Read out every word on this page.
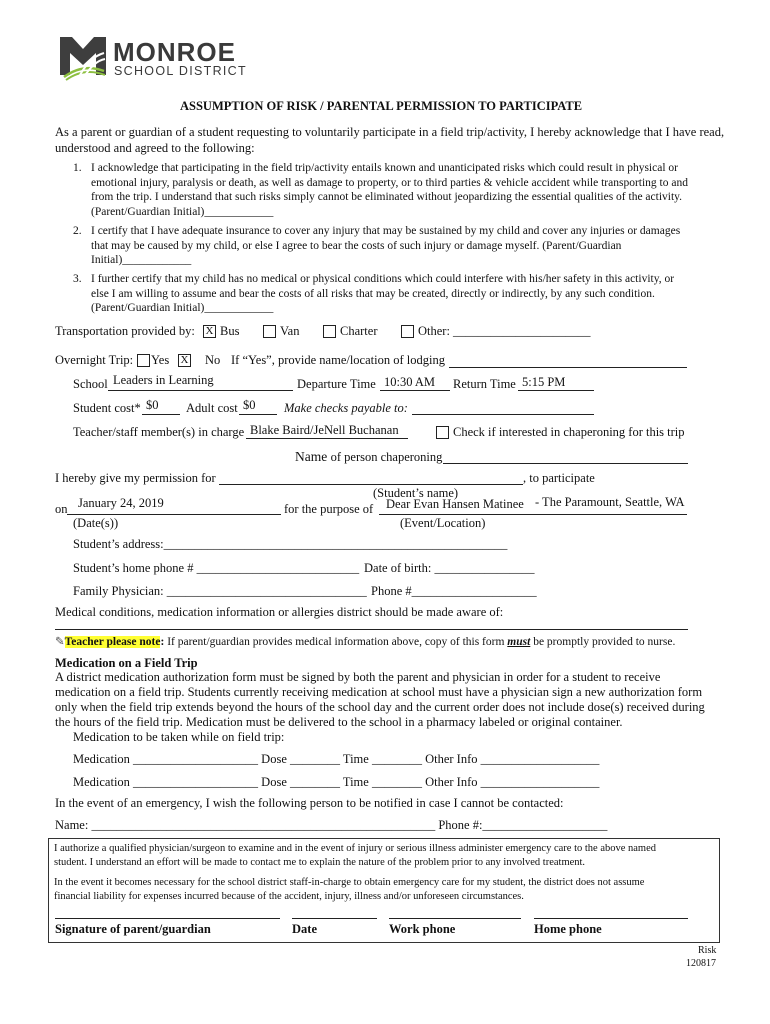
MONROE
SCHOOL DISTRICT
ASSUMPTION OF RISK / PARENTAL PERMISSION TO PARTICIPATE
As a parent or guardian of a student requesting to voluntarily participate in a field trip/activity, I hereby acknowledge that I have read,
understood and agreed to the following:
1. I acknowledge that participating in the field trip/activity entails known and unanticipated risks which could result in physical or
emotional injury, paralysis or death, as well as damage to property, or to third parties & vehicle accident while transporting to and
from the trip. I understand that such risks simply cannot be eliminated without jeopardizing the essential qualities of the activity.
(Parent/Guardian Initial)____________
2. I certify that I have adequate insurance to cover any injury that may be sustained by my child and cover any injuries or damages
that may be caused by my child, or else I agree to bear the costs of such injury or damage myself. (Parent/Guardian
Initial)____________
3. I further certify that my child has no medical or physical conditions which could interfere with his/her safety in this activity, or
else I am willing to assume and bear the costs of all risks that may be created, directly or indirectly, by any such condition.
(Parent/Guardian Initial)____________
Transportation provided by: X Bus	Van	Charter	Other: ______________________
Overnight Trip: Yes X No If “Yes”, provide name/location of lodging
School Leaders in Learning	Departure Time 10:30 AM Return Time 5:15 PM
Student cost* $0 Adult cost $0 Make checks payable to:
Teacher/staff member(s) in charge Blake Baird/JeNell Buchanan	Check if interested in chaperoning for this trip
Name of person chaperoning
I hereby give my permission for	, to participate
(Student’s name)
on January 24, 2019	for the purpose of Dear Evan Hansen Matinee - The Paramount, Seattle, WA
(Date(s))	(Event/Location)
Student’s address:_______________________________________________________
Student’s home phone # __________________________ Date of birth: ________________
Family Physician: ________________________________ Phone #____________________
Medical conditions, medication information or allergies district should be made aware of:
✎Teacher please note: If parent/guardian provides medical information above, copy of this form must be promptly provided to nurse.
Medication on a Field Trip
A district medication authorization form must be signed by both the parent and physician in order for a student to receive
medication on a field trip. Students currently receiving medication at school must have a physician sign a new authorization form
only when the field trip extends beyond the hours of the school day and the current order does not include dose(s) received during
the hours of the field trip. Medication must be delivered to the school in a pharmacy labeled or original container.
Medication to be taken while on field trip:
Medication ____________________ Dose ________ Time ________ Other Info ___________________
Medication ____________________ Dose ________ Time ________ Other Info ___________________
In the event of an emergency, I wish the following person to be notified in case I cannot be contacted:
Name: _______________________________________________________ Phone #:____________________
I authorize a qualified physician/surgeon to examine and in the event of injury or serious illness administer emergency care to the above named
student. I understand an effort will be made to contact me to explain the nature of the problem prior to any involved treatment.
In the event it becomes necessary for the school district staff-in-charge to obtain emergency care for my student, the district does not assume
financial liability for expenses incurred because of the accident, injury, illness and/or unforeseen circumstances.
Signature of parent/guardian	Date	Work phone	Home phone
Risk
120817
